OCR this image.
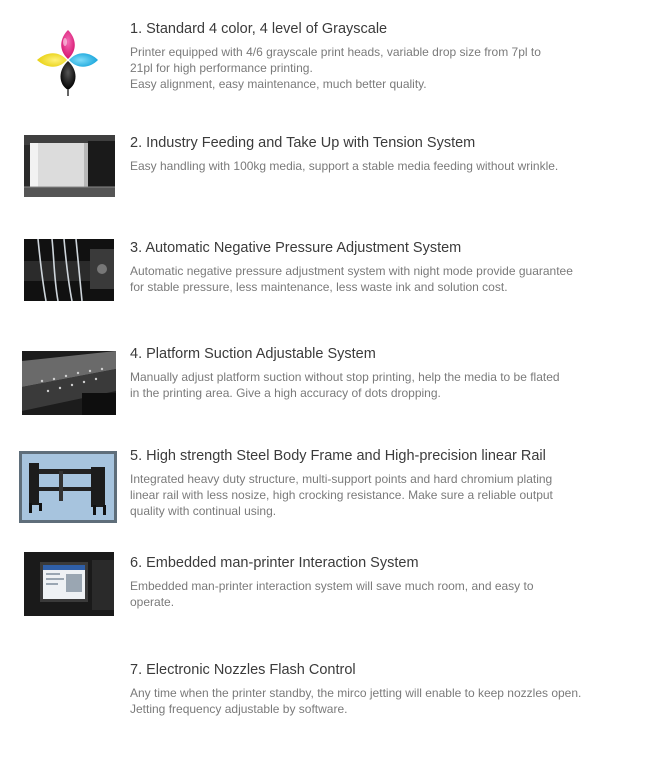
1. Standard 4 color, 4 level of Grayscale

Printer equipped with 4/6 grayscale print heads, variable drop size from 7pl to
21pl for high performance printing.
Easy alignment, easy maintenance, much better quality.

2. Industry Feeding and Take Up with Tension System

Easy handling with 100kg media, support a stable media feeding without wrinkle.

3. Automatic Negative Pressure Adjustment System

Automatic negative pressure adjustment system with night mode provide guarantee
for stable pressure, less maintenance, less waste ink and solution cost.

4. Platform Suction Adjustable System

Manually adjust platform suction without stop printing, help the media to be flated
in the printing area. Give a high accuracy of dots dropping.

5. High strength Steel Body Frame and High-precision linear Rail

Integrated heavy duty structure, multi-support points and hard chromium plating
linear rail with less nosize, high crocking resistance. Make sure a reliable output
quality with continual using.

6. Embedded man-printer Interaction System

Embedded man-printer interaction system will save much room, and easy to
operate.

7. Electronic Nozzles Flash Control

Any time when the printer standby, the mirco jetting will enable to keep nozzles open.
Jetting frequency adjustable by software.
